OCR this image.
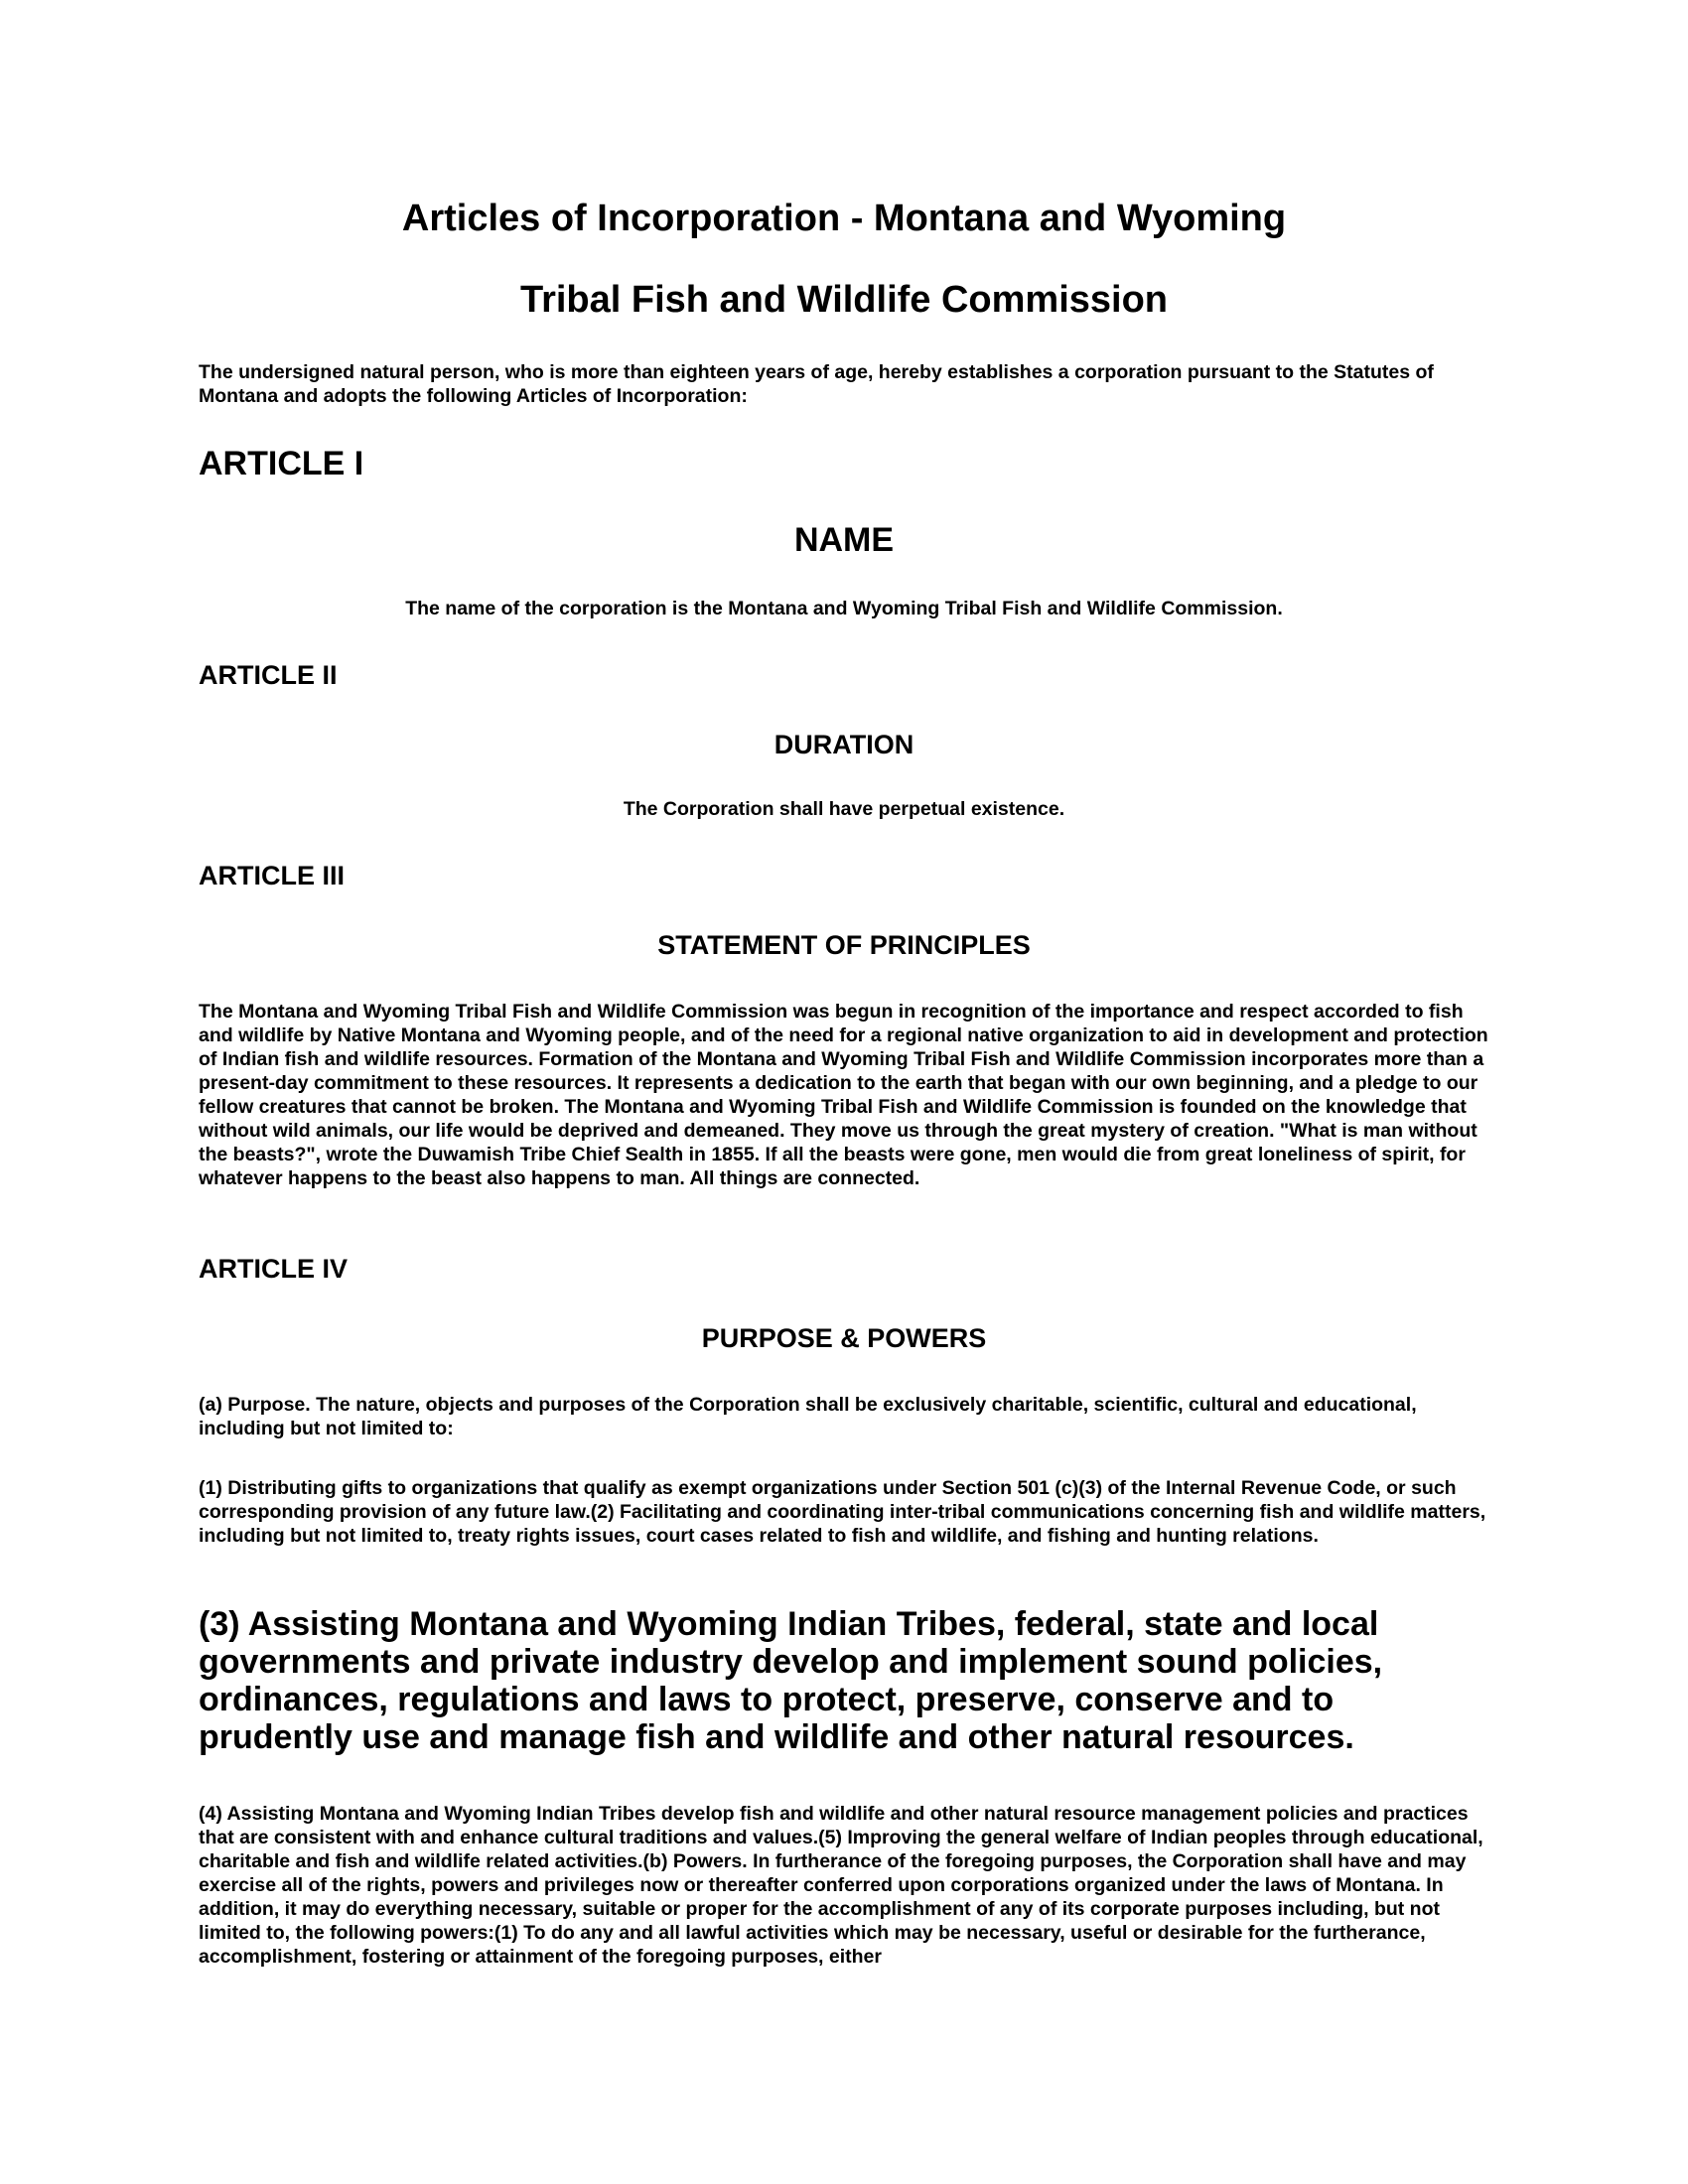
Articles of Incorporation - Montana and Wyoming
Tribal Fish and Wildlife Commission

The undersigned natural person, who is more than eighteen years of age, hereby establishes a corporation pursuant to the Statutes of Montana and adopts the following Articles of Incorporation:

ARTICLE I
NAME

The name of the corporation is the Montana and Wyoming Tribal Fish and Wildlife Commission.

ARTICLE II
DURATION

The Corporation shall have perpetual existence.

ARTICLE III
STATEMENT OF PRINCIPLES

The Montana and Wyoming Tribal Fish and Wildlife Commission was begun in recognition of the importance and respect accorded to fish and wildlife by Native Montana and Wyoming people, and of the need for a regional native organization to aid in development and protection of Indian fish and wildlife resources. Formation of the Montana and Wyoming Tribal Fish and Wildlife Commission incorporates more than a present-day commitment to these resources. It represents a dedication to the earth that began with our own beginning, and a pledge to our fellow creatures that cannot be broken. The Montana and Wyoming Tribal Fish and Wildlife Commission is founded on the knowledge that without wild animals, our life would be deprived and demeaned. They move us through the great mystery of creation. "What is man without the beasts?", wrote the Duwamish Tribe Chief Sealth in 1855. If all the beasts were gone, men would die from great loneliness of spirit, for whatever happens to the beast also happens to man. All things are connected.

ARTICLE IV
PURPOSE & POWERS

(a) Purpose. The nature, objects and purposes of the Corporation shall be exclusively charitable, scientific, cultural and educational, including but not limited to:

(1) Distributing gifts to organizations that qualify as exempt organizations under Section 501 (c)(3) of the Internal Revenue Code, or such corresponding provision of any future law.(2) Facilitating and coordinating inter-tribal communications concerning fish and wildlife matters, including but not limited to, treaty rights issues, court cases related to fish and wildlife, and fishing and hunting relations.

(3) Assisting Montana and Wyoming Indian Tribes, federal, state and local governments and private industry develop and implement sound policies, ordinances, regulations and laws to protect, preserve, conserve and to prudently use and manage fish and wildlife and other natural resources.

(4) Assisting Montana and Wyoming Indian Tribes develop fish and wildlife and other natural resource management policies and practices that are consistent with and enhance cultural traditions and values.(5) Improving the general welfare of Indian peoples through educational, charitable and fish and wildlife related activities.(b) Powers. In furtherance of the foregoing purposes, the Corporation shall have and may exercise all of the rights, powers and privileges now or thereafter conferred upon corporations organized under the laws of Montana. In addition, it may do everything necessary, suitable or proper for the accomplishment of any of its corporate purposes including, but not limited to, the following powers:(1) To do any and all lawful activities which may be necessary, useful or desirable for the furtherance, accomplishment, fostering or attainment of the foregoing purposes, either
